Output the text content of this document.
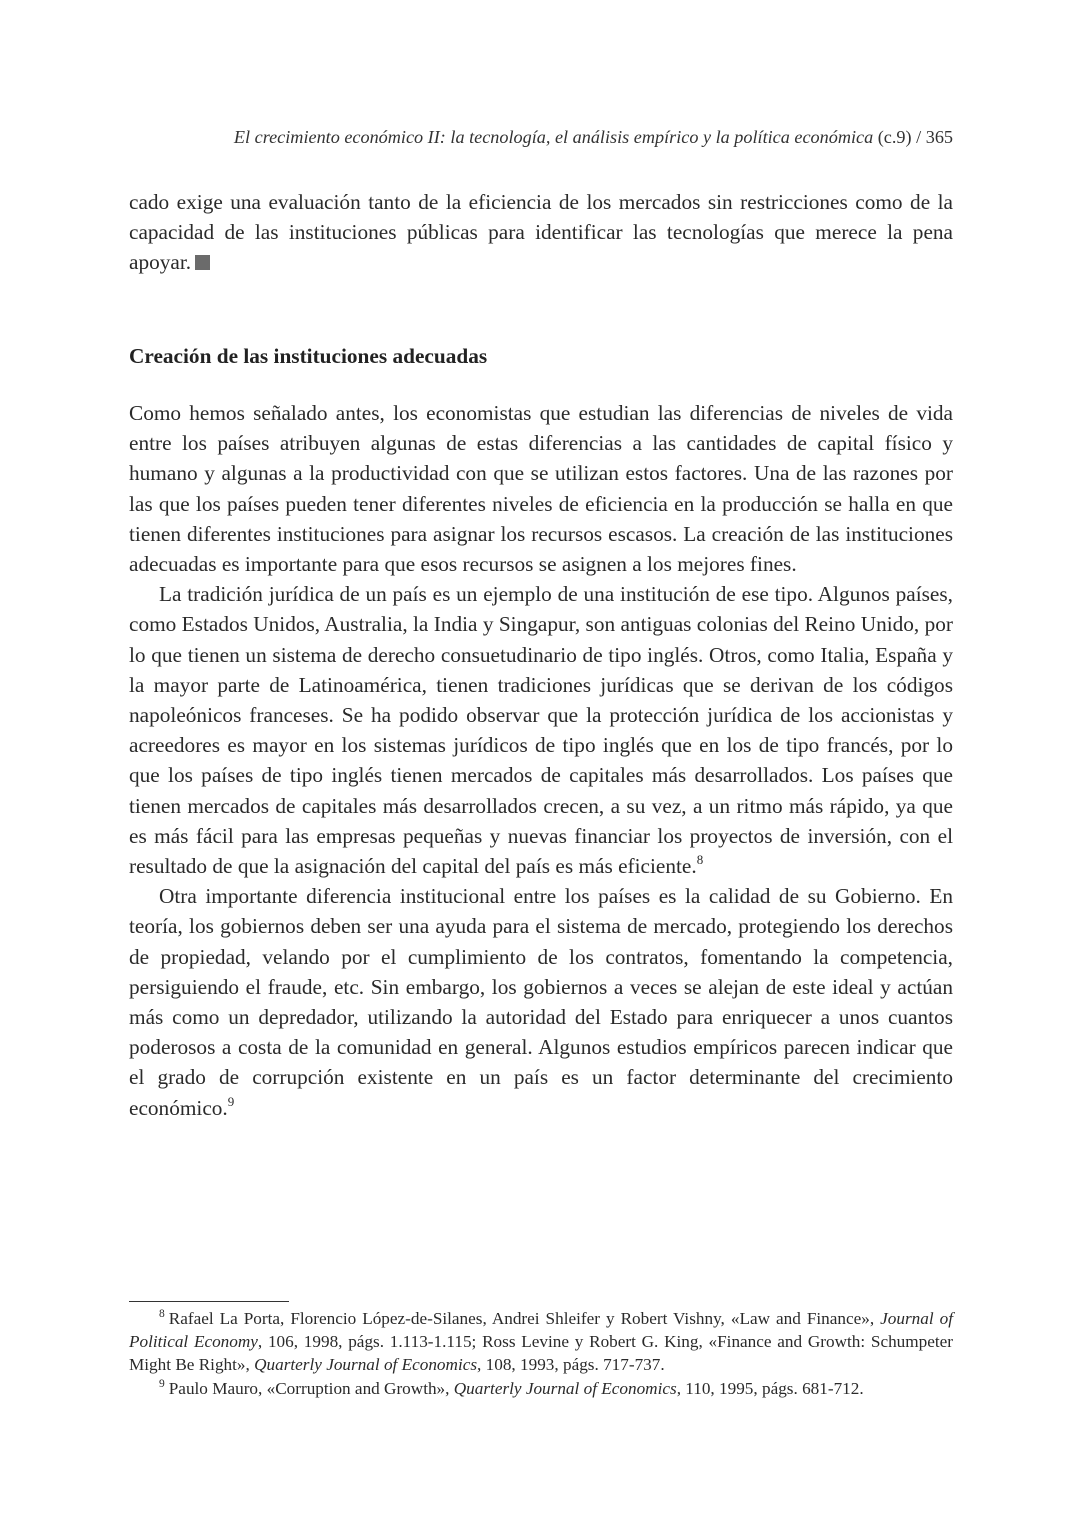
El crecimiento económico II: la tecnología, el análisis empírico y la política económica (c.9) / 365

cado exige una evaluación tanto de la eficiencia de los mercados sin restricciones como de la capacidad de las instituciones públicas para identificar las tecnologías que merece la pena apoyar.

Creación de las instituciones adecuadas

Como hemos señalado antes, los economistas que estudian las diferencias de niveles de vida entre los países atribuyen algunas de estas diferencias a las cantidades de capital físico y humano y algunas a la productividad con que se utilizan estos factores. Una de las razones por las que los países pueden tener diferentes niveles de eficiencia en la producción se halla en que tienen diferentes instituciones para asignar los recursos escasos. La creación de las instituciones adecuadas es importante para que esos recursos se asignen a los mejores fines.

La tradición jurídica de un país es un ejemplo de una institución de ese tipo. Algunos países, como Estados Unidos, Australia, la India y Singapur, son antiguas colonias del Reino Unido, por lo que tienen un sistema de derecho consuetudinario de tipo inglés. Otros, como Italia, España y la mayor parte de Latinoamérica, tienen tradiciones jurídicas que se derivan de los códigos napoleónicos franceses. Se ha podido observar que la protección jurídica de los accionistas y acreedores es mayor en los sistemas jurídicos de tipo inglés que en los de tipo francés, por lo que los países de tipo inglés tienen mercados de capitales más desarrollados. Los países que tienen mercados de capitales más desarrollados crecen, a su vez, a un ritmo más rápido, ya que es más fácil para las empresas pequeñas y nuevas financiar los proyectos de inversión, con el resultado de que la asignación del capital del país es más eficiente.$^8$

Otra importante diferencia institucional entre los países es la calidad de su Gobierno. En teoría, los gobiernos deben ser una ayuda para el sistema de mercado, protegiendo los derechos de propiedad, velando por el cumplimiento de los contratos, fomentando la competencia, persiguiendo el fraude, etc. Sin embargo, los gobiernos a veces se alejan de este ideal y actúan más como un depredador, utilizando la autoridad del Estado para enriquecer a unos cuantos poderosos a costa de la comunidad en general. Algunos estudios empíricos parecen indicar que el grado de corrupción existente en un país es un factor determinante del crecimiento económico.$^9$

$^8$ Rafael La Porta, Florencio López-de-Silanes, Andrei Shleifer y Robert Vishny, «Law and Finance», Journal of Political Economy, 106, 1998, págs. 1.113-1.115; Ross Levine y Robert G. King, «Finance and Growth: Schumpeter Might Be Right», Quarterly Journal of Economics, 108, 1993, págs. 717-737.

$^9$ Paulo Mauro, «Corruption and Growth», Quarterly Journal of Economics, 110, 1995, págs. 681-712.
